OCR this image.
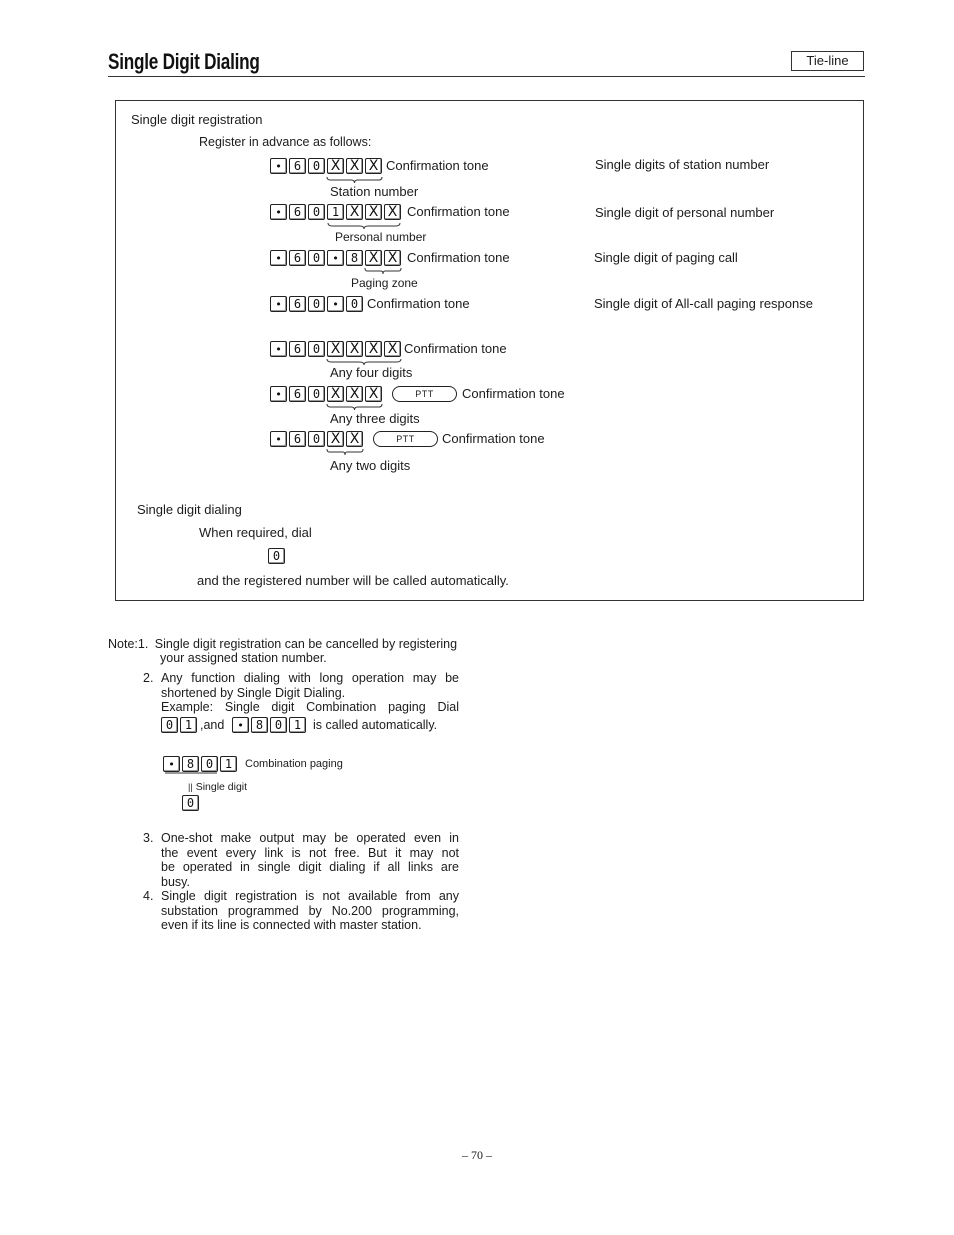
Single Digit Dialing	Tie-line
Single digit registration
Register in advance as follows:
•	6 0 X X X Confirmation tone	Single digits of station number
Station number
•	6 0 1 X X X Confirmation tone	Single digit of personal number
Personal number
•	6 0	•	8 X X Confirmation tone	Single digit of paging call
Paging zone
•	6 0	•	0 Confirmation tone	Single digit of All-call paging response
•	6 0 X X X X Confirmation tone
Any four digits
•	6 0 X X X	PTT	Confirmation tone
Any three digits
•	6 0 X X	PTT	Confirmation tone
Any two digits
Single digit dialing
When required, dial
0
and the registered number will be called automatically.
Note:1. Single digit registration can be cancelled by registering
your assigned station number.
2. Any function dialing with long operation may be
shortened by Single Digit Dialing.
Example: Single digit Combination paging Dial
0 1 ,and	•	8 0 1 is called automatically.
•	8 0 1	Combination paging
|| Single digit
0
3. One-shot make output may be operated even in
the event every link is not free. But it may not
be operated in single digit dialing if all links are
busy.
4. Single digit registration is not available from any
substation programmed by No.200 programming,
even if its line is connected with master station.
– 70 –
